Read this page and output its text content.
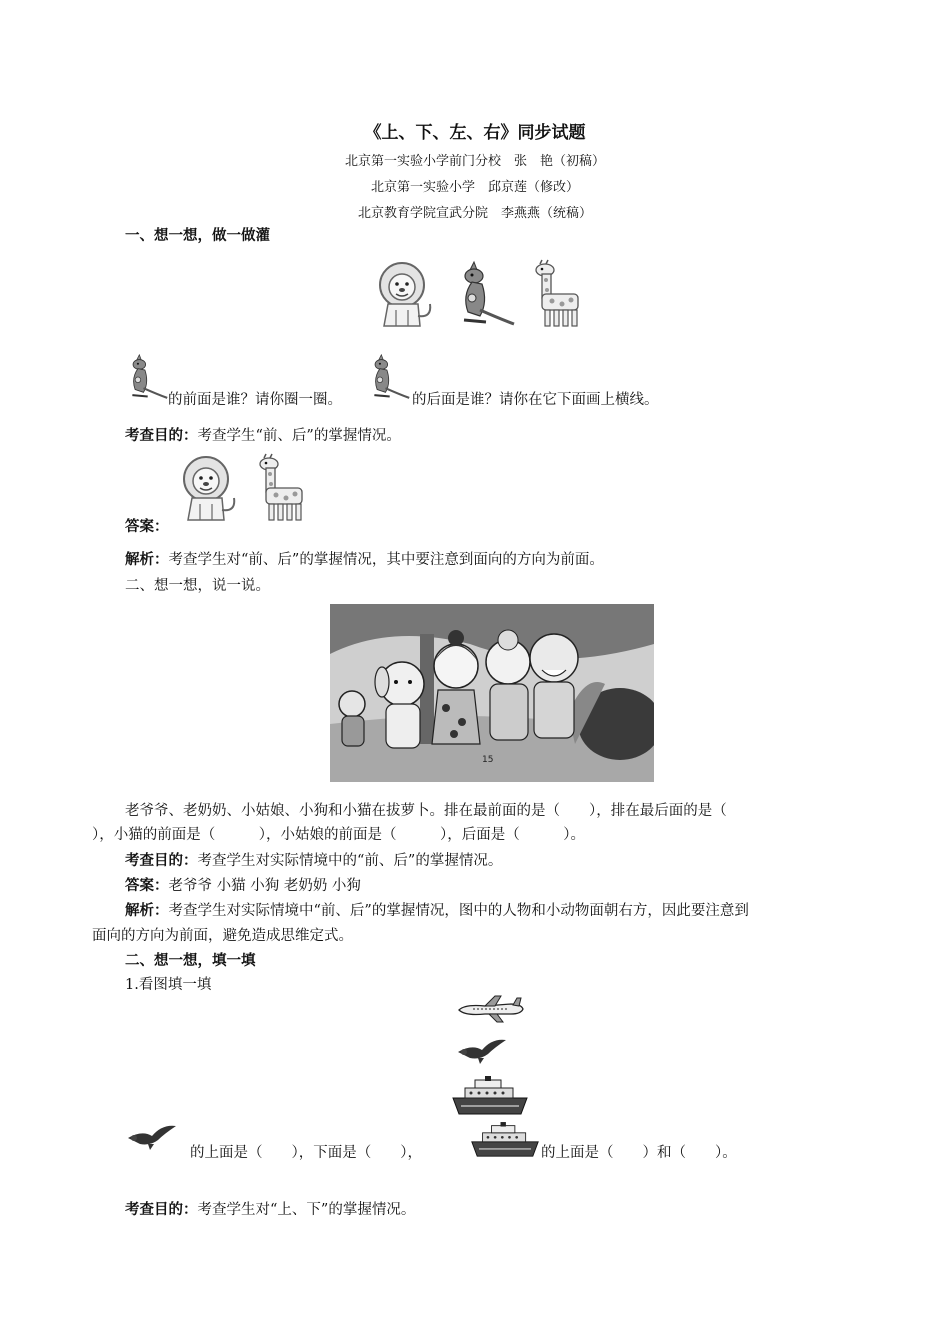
《上、下、左、右》同步试题
北京第一实验小学前门分校　张　艳（初稿）
北京第一实验小学　邱京莲（修改）
北京教育学院宣武分院　李燕燕（统稿）
一、想一想，做一做灌
的前面是谁？请你圈一圈。	的后面是谁？请你在它下面画上横线。
考查目的：考查学生“前、后”的掌握情况。
答案：
解析：考查学生对“前、后”的掌握情况，其中要注意到面向的方向为前面。
二、想一想，说一说。
15
老爷爷、老奶奶、小姑娘、小狗和小猫在拔萝卜。排在最前面的是（　　），排在最后面的是（
），小猫的前面是（　　　），小姑娘的前面是（　　　），后面是（　　　）。
考查目的：考查学生对实际情境中的“前、后”的掌握情况。
答案：老爷爷 小猫 小狗 老奶奶 小狗
解析：考查学生对实际情境中“前、后”的掌握情况，图中的人物和小动物面朝右方，因此要注意到
面向的方向为前面，避免造成思维定式。
二、想一想，填一填
1.看图填一填
的上面是（　　），下面是（　　），	的上面是（　　）和（　　）。
考查目的：考查学生对“上、下”的掌握情况。
